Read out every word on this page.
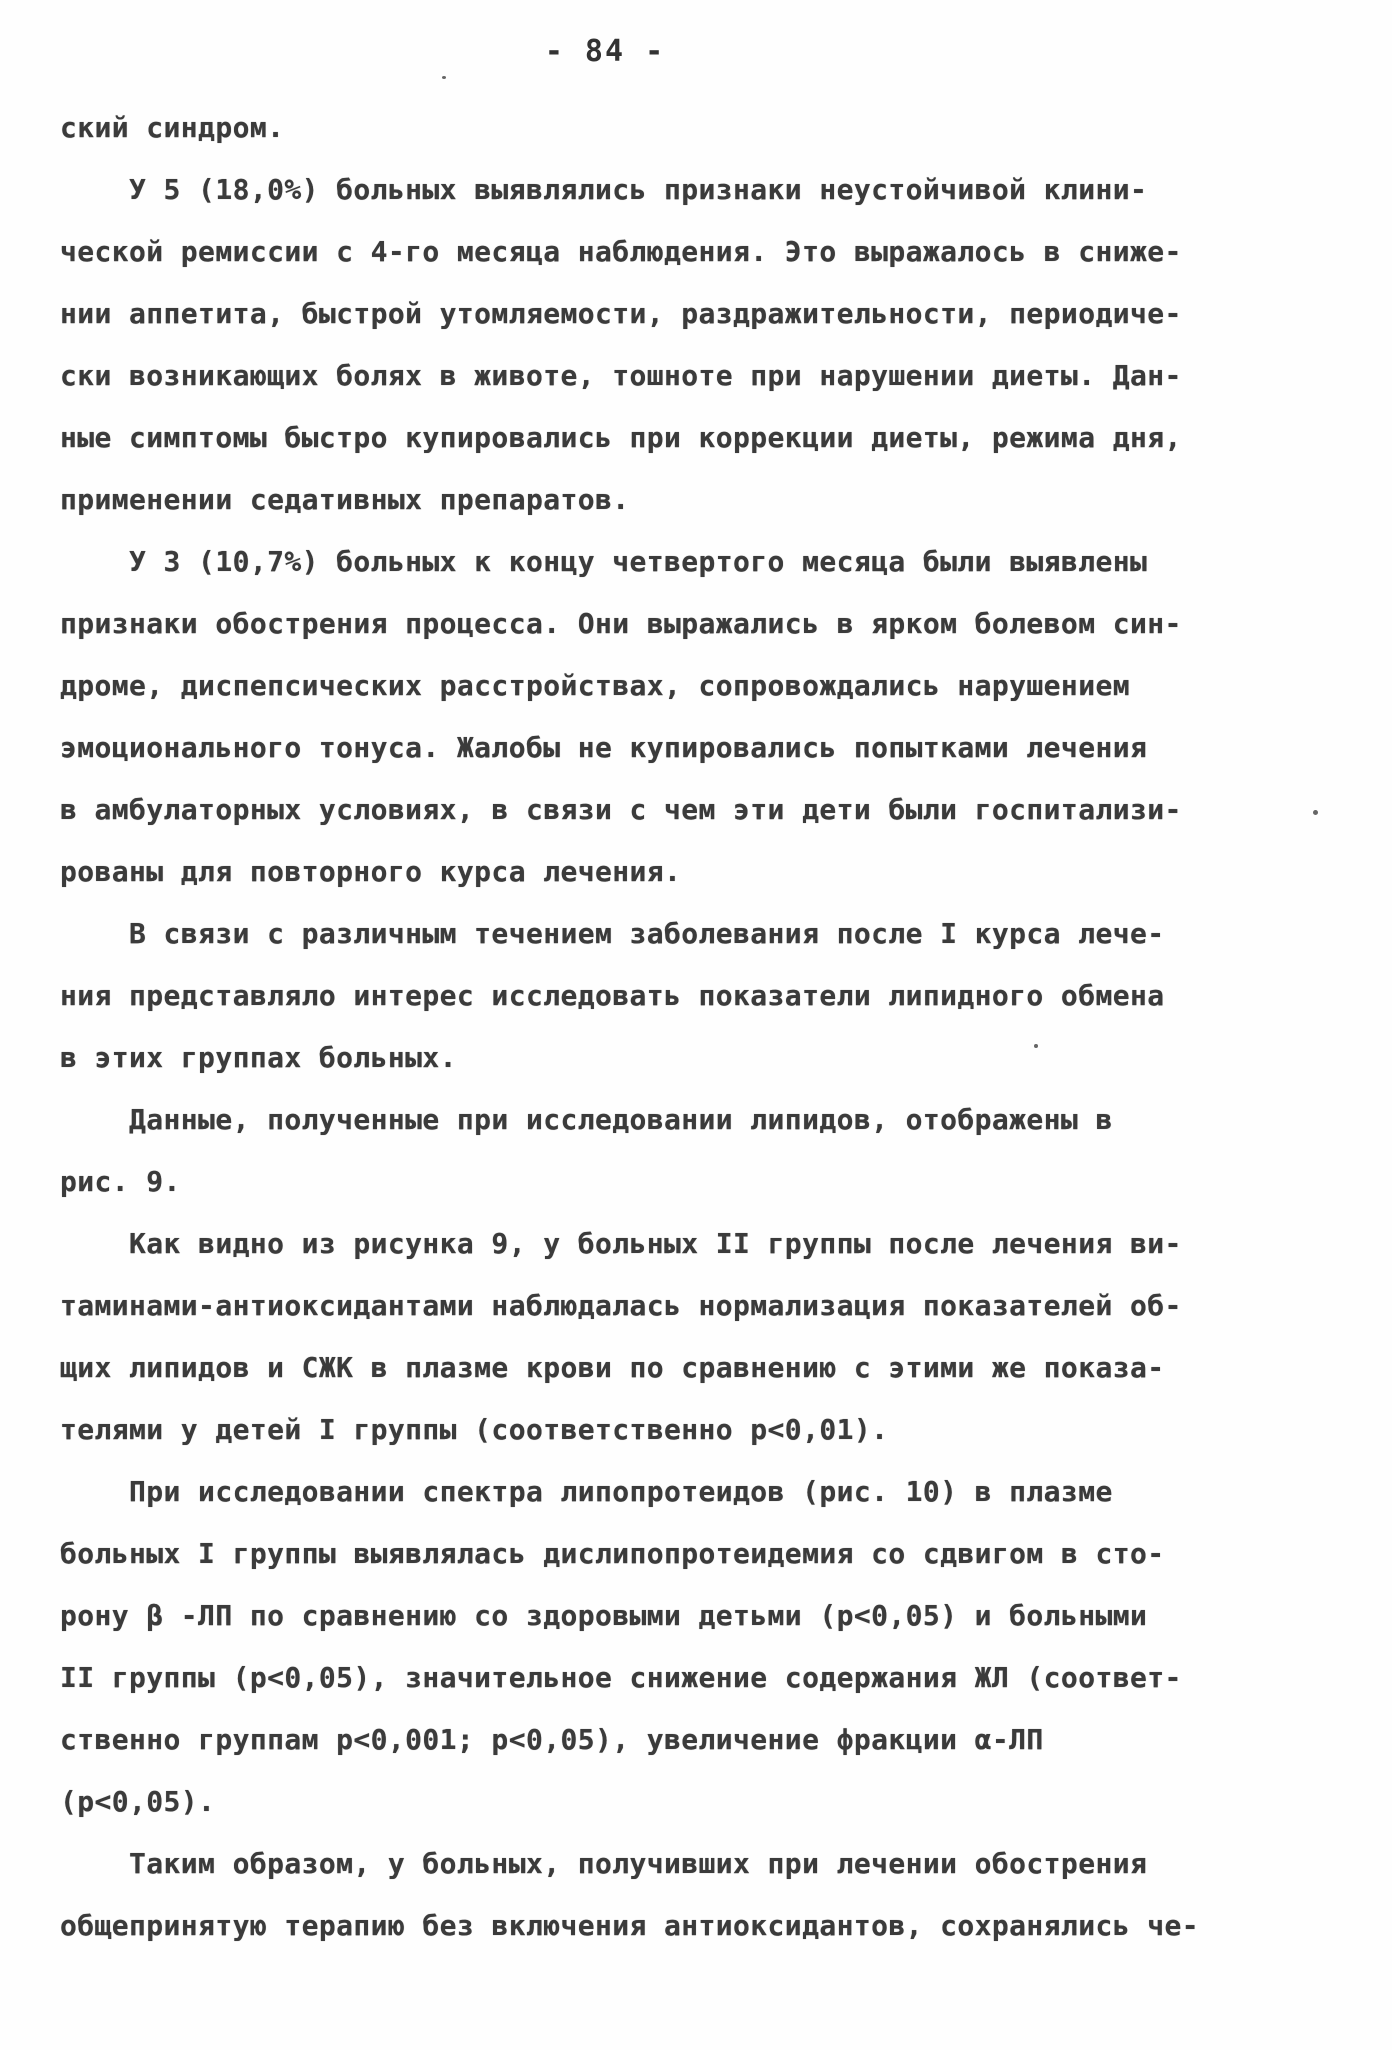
- 84 -
ский синдром.
У 5 (18,0%) больных выявлялись признаки неустойчивой клини-
ческой ремиссии с 4-го месяца наблюдения. Это выражалось в сниже-
нии аппетита, быстрой утомляемости, раздражительности, периодиче-
ски возникающих болях в животе, тошноте при нарушении диеты. Дан-
ные симптомы быстро купировались при коррекции диеты, режима дня,
применении седативных препаратов.
У 3 (10,7%) больных к концу четвертого месяца были выявлены
признаки обострения процесса. Они выражались в ярком болевом син-
дроме, диспепсических расстройствах, сопровождались нарушением
эмоционального тонуса. Жалобы не купировались попытками лечения
в амбулаторных условиях, в связи с чем эти дети были госпитализи-
рованы для повторного курса лечения.
В связи с различным течением заболевания после I курса лече-
ния представляло интерес исследовать показатели липидного обмена
в этих группах больных.
Данные, полученные при исследовании липидов, отображены в
рис. 9.
Как видно из рисунка 9, у больных II группы после лечения ви-
таминами-антиоксидантами наблюдалась нормализация показателей об-
щих липидов и СЖК в плазме крови по сравнению с этими же показа-
телями у детей I группы (соответственно р<0,01).
При исследовании спектра липопротеидов (рис. 10) в плазме
больных I группы выявлялась дислипопротеидемия со сдвигом в сто-
рону β -ЛП по сравнению со здоровыми детьми (р<0,05) и больными
II группы (р<0,05), значительное снижение содержания ЖЛ (соответ-
ственно группам р<0,001; р<0,05), увеличение фракции α-ЛП
(р<0,05).
Таким образом, у больных, получивших при лечении обострения
общепринятую терапию без включения антиоксидантов, сохранялись че-
